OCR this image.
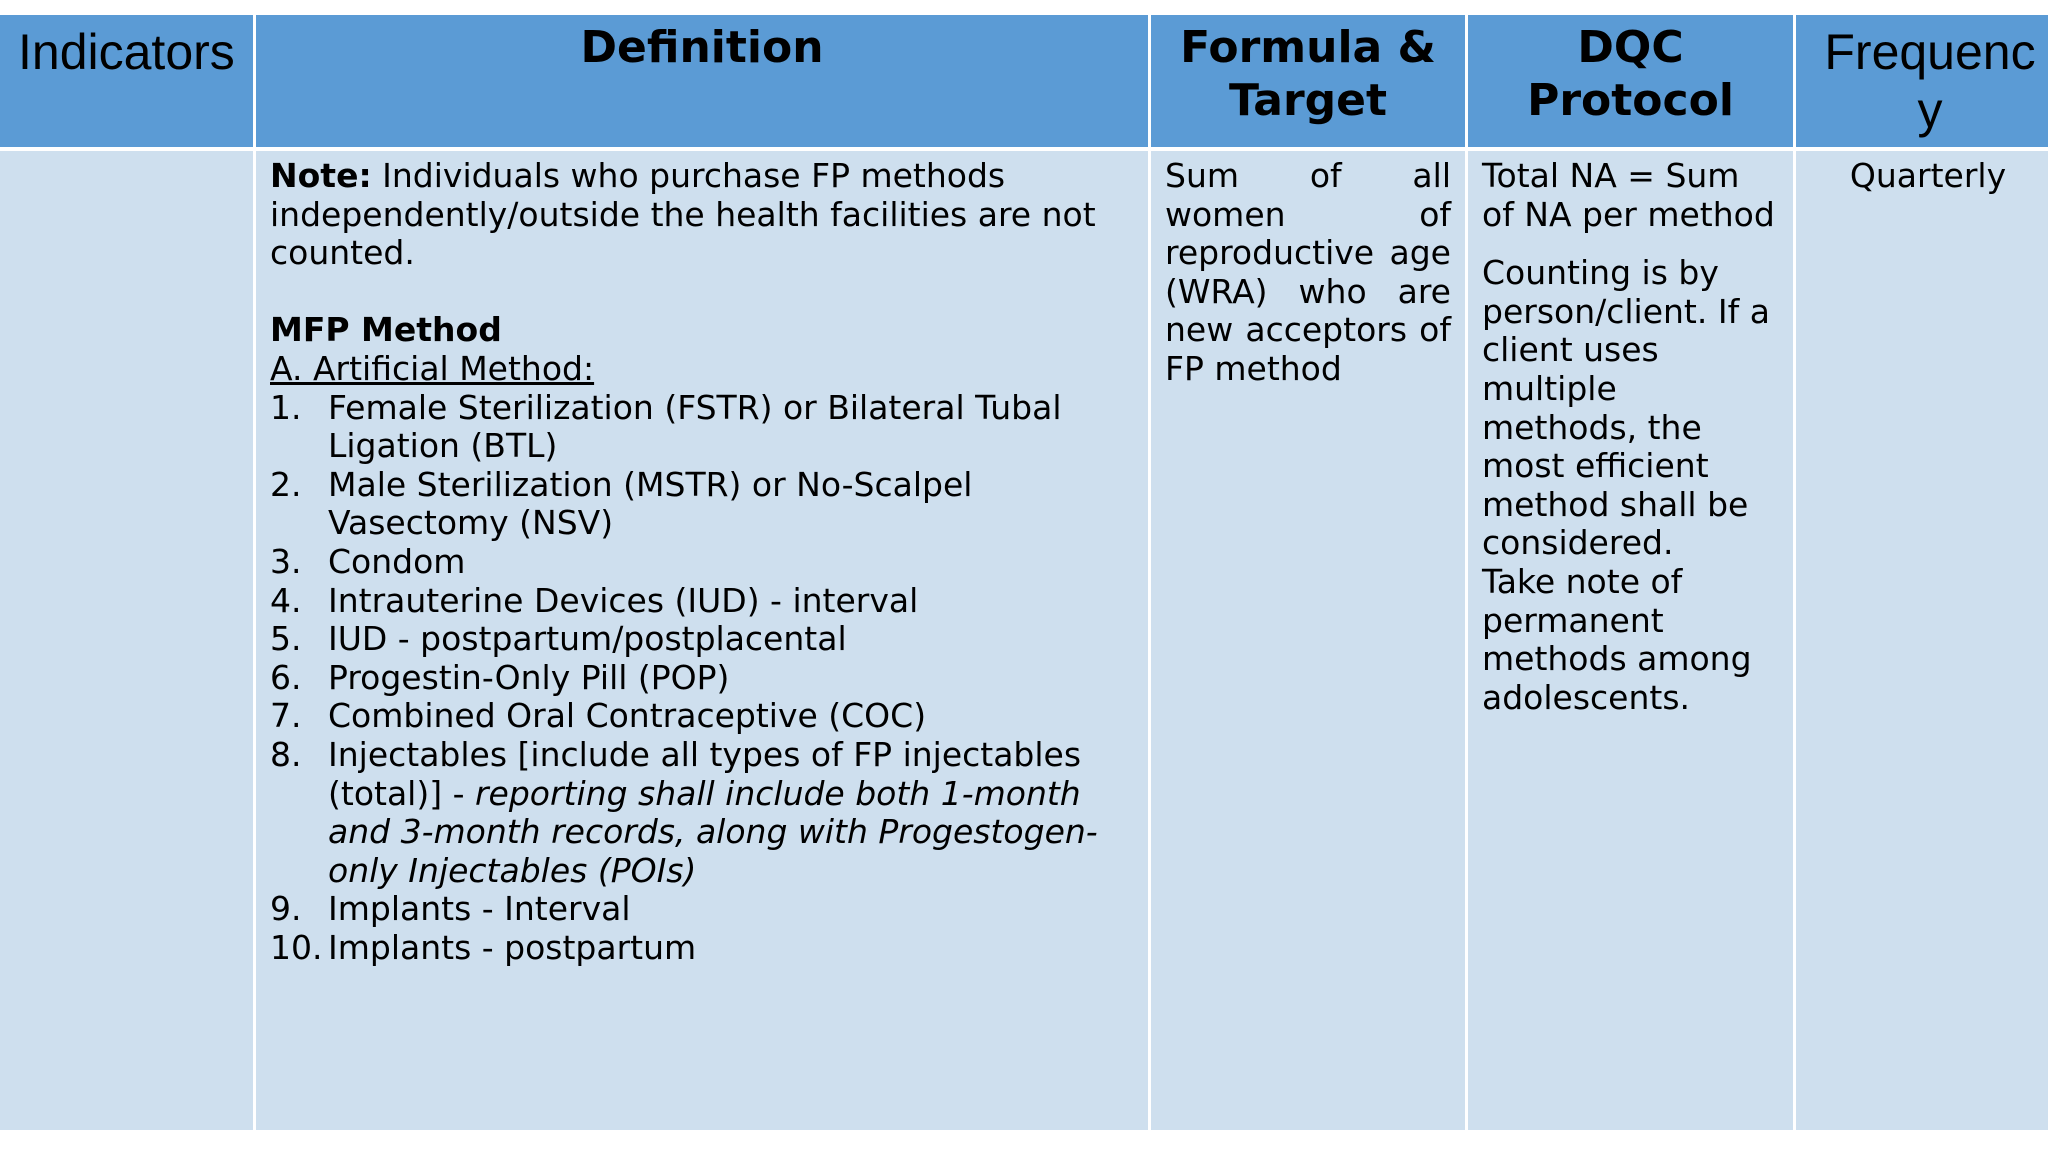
Indicators	Definition	Formula & Target
DQC Protocol
Frequency

Note: Individuals who purchase FP methods independently/outside the health facilities are not counted.

MFP Method

A. Artificial Method:

1. Female Sterilization (FSTR) or Bilateral Tubal Ligation (BTL)
2. Male Sterilization (MSTR) or No-Scalpel Vasectomy (NSV)
3. Condom
4. Intrauterine Devices (IUD) - interval
5. IUD - postpartum/postplacental
6. Progestin-Only Pill (POP)
7. Combined Oral Contraceptive (COC)
8. Injectables [include all types of FP injectables (total)] - reporting shall include both 1-month and 3-month records, along with Progestogen-only Injectables (POIs)
9. Implants - Interval
10. Implants - postpartum

Sum of all women of reproductive age (WRA) who are new acceptors of FP method

Total NA = Sum of NA per method

Counting is by person/client. If a client uses multiple methods, the most efficient method shall be considered.

Take note of permanent methods among adolescents.

Quarterly
